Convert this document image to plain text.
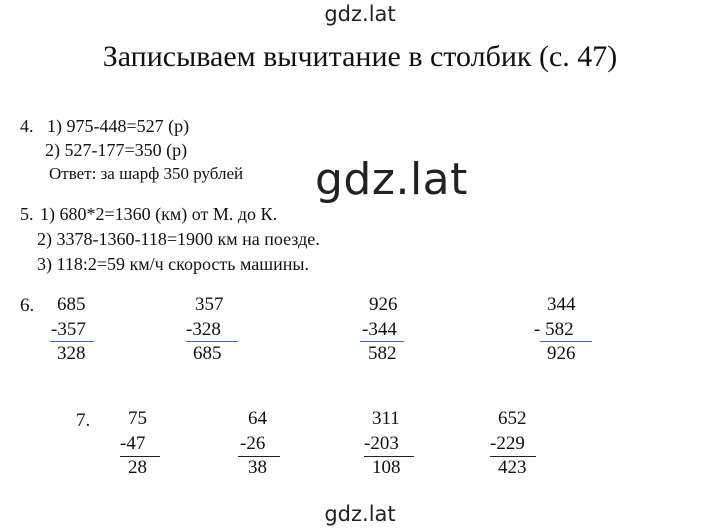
gdz.lat
gdz.lat
gdz.lat
Записываем вычитание в столбик (с. 47)
4. 1) 975-448=527 (р)
2) 527-177=350 (р)
Ответ: за шарф 350 рублей
5. 1) 680*2=1360 (км) от М. до К.
2) 3378-1360-118=1900 км на поезде.
3) 118:2=59 км/ч скорость машины.
6. 685
-357
328
357
-328
685
926
-344
582
344
- 582
926
7. 75
-47
28
64
-26
38
311
-203
108
652
-229
423
